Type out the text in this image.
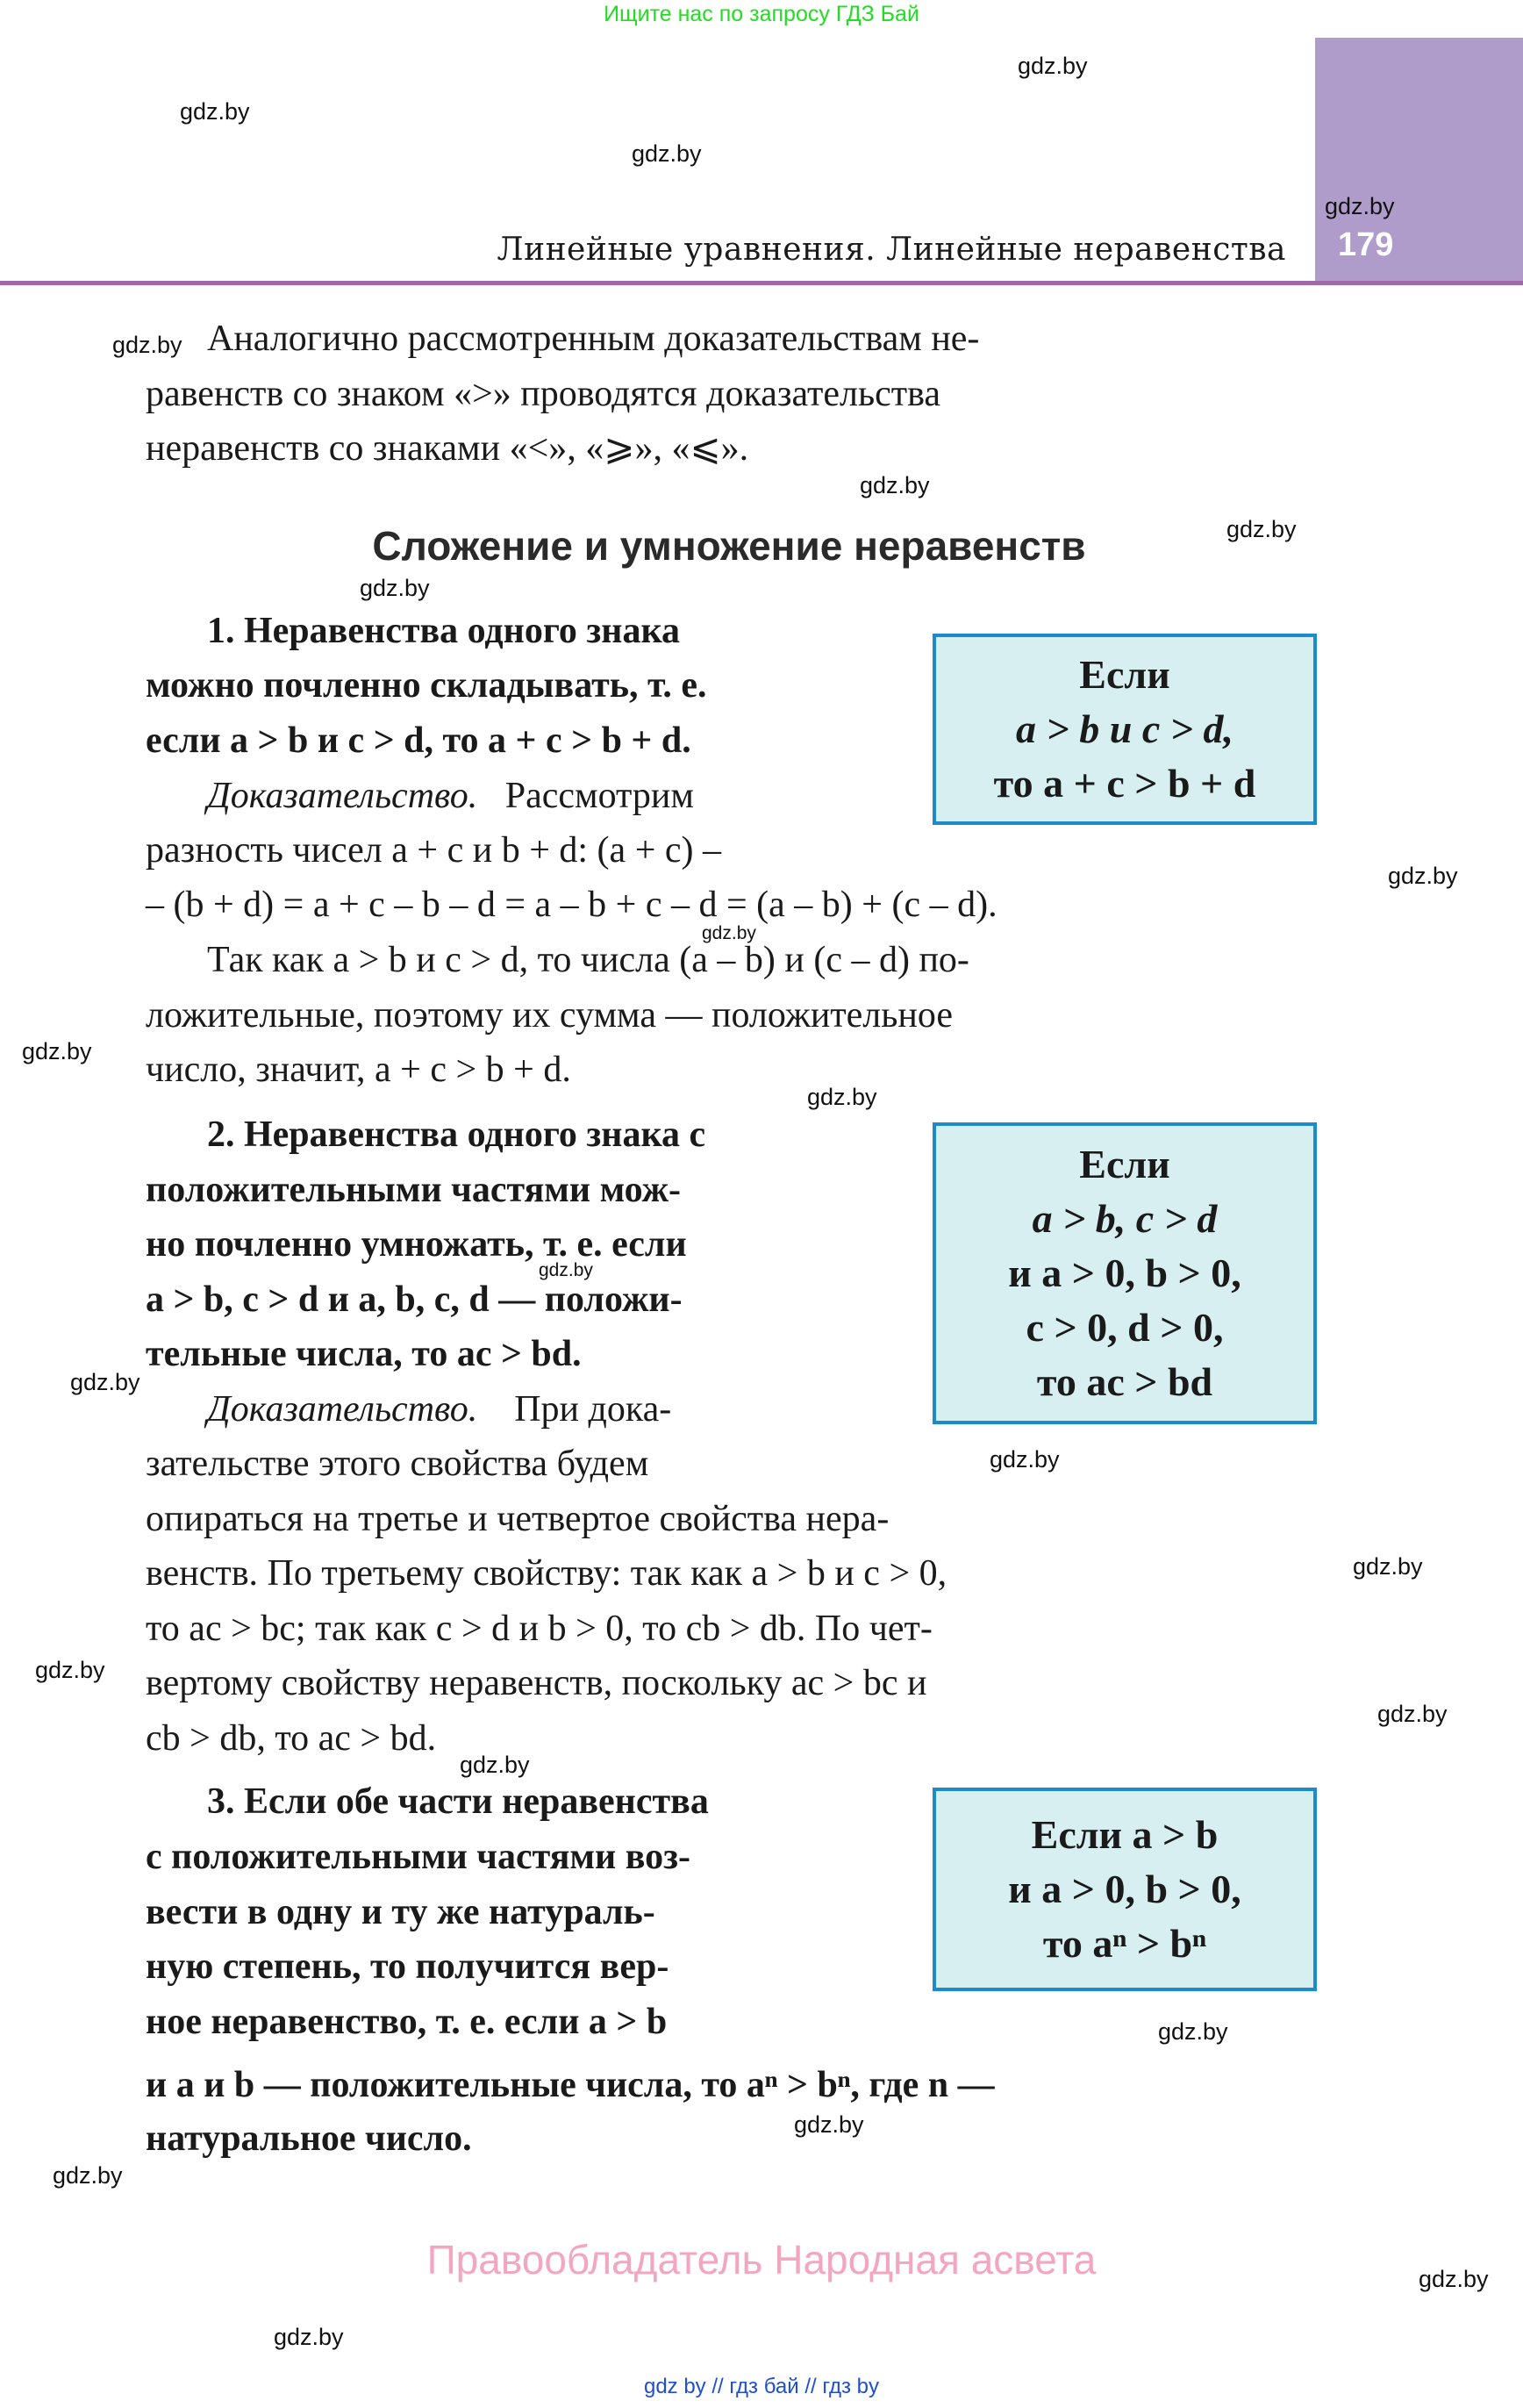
Ищите нас по запросу ГДЗ Бай
179
Линейные уравнения. Линейные неравенства
Аналогично рассмотренным доказательствам не-
равенств со знаком «>» проводятся доказательства
неравенств со знаками «<», «⩾», «⩽».
Сложение и умножение неравенств
1. Неравенства одного знака
можно почленно складывать, т. е.
если a > b и c > d, то a + c > b + d.
Доказательство. Рассмотрим
разность чисел a + c и b + d: (a + c) –
– (b + d) = a + c – b – d = a – b + c – d = (a – b) + (c – d).
Так как a > b и c > d, то числа (a – b) и (c – d) по-
ложительные, поэтому их сумма — положительное
число, значит, a + c > b + d.
Если
a > b и c > d,
то a + c > b + d
2. Неравенства одного знака с
положительными частями мож-
но почленно умножать, т. е. если
a > b, c > d и a, b, c, d — положи-
тельные числа, то ac > bd.
Доказательство. При дока-
зательстве этого свойства будем
опираться на третье и четвертое свойства нера-
венств. По третьему свойству: так как a > b и c > 0,
то ac > bc; так как c > d и b > 0, то cb > db. По чет-
вертому свойству неравенств, поскольку ac > bc и
cb > db, то ac > bd.
Если
a > b, c > d
и a > 0, b > 0,
c > 0, d > 0,
то ac > bd
3. Если обе части неравенства
с положительными частями воз-
вести в одну и ту же натураль-
ную степень, то получится вер-
ное неравенство, т. е. если a > b
и a и b — положительные числа, то aⁿ > bⁿ, где n —
натуральное число.
Если a > b
и a > 0, b > 0,
то aⁿ > bⁿ
gdz.by
gdz.by
gdz.by
gdz.by
gdz.by
gdz.by
gdz.by
gdz.by
gdz.by
gdz.by
gdz.by
gdz.by
gdz.by
gdz.by
gdz.by
gdz.by
gdz.by
gdz.by
gdz.by
gdz.by
gdz.by
gdz.by
gdz.by
gdz.by
Правообладатель Народная асвета
gdz by // гдз бай // гдз by
